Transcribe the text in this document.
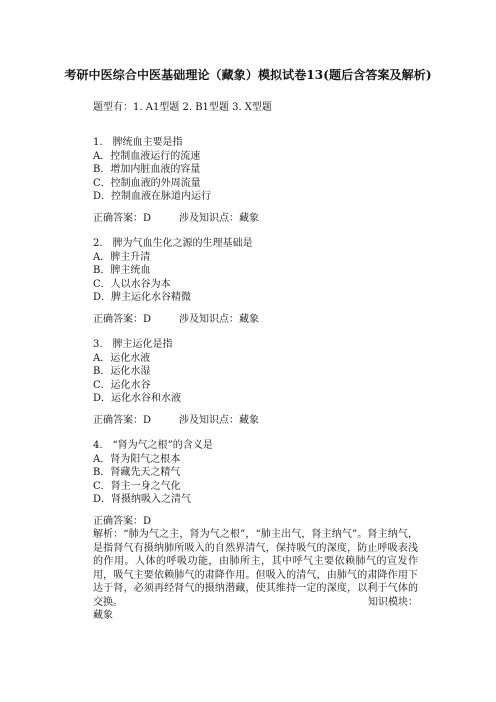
考研中医综合中医基础理论（藏象）模拟试卷13(题后含答案及解析)
题型有：1. A1型题 2. B1型题 3. X型题

1. 脾统血主要是指

A．控制血液运行的流速

B．增加内脏血液的容量

C．控制血液的外周流量

D．控制血液在脉道内运行

正确答案：D	涉及知识点：藏象

2. 脾为气血生化之源的生理基础是

A．脾主升清

B．脾主统血

C．人以水谷为本

D．脾主运化水谷精微

正确答案：D	涉及知识点：藏象

3. 脾主运化是指

A．运化水液

B．运化水湿

C．运化水谷

D．运化水谷和水液

正确答案：D	涉及知识点：藏象

4. “肾为气之根”的含义是

A．肾为阳气之根本

B．肾藏先天之精气

C．肾主一身之气化

D．肾摄纳吸入之清气

正确答案：D

解析：“肺为气之主，肾为气之根”，“肺主出气，肾主纳气”。肾主纳气，是指肾气有摄纳肺所吸入的自然界清气，保持吸气的深度，防止呼吸表浅的作用。人体的呼吸功能，由肺所主，其中呼气主要依赖肺气的宣发作用，吸气主要依赖肺气的肃降作用。但吸入的清气，由肺气的肃降作用下达于肾，必须再经肾气的摄纳潜藏，使其维持一定的深度，以利于气体的交换。	知识模块：

藏象
